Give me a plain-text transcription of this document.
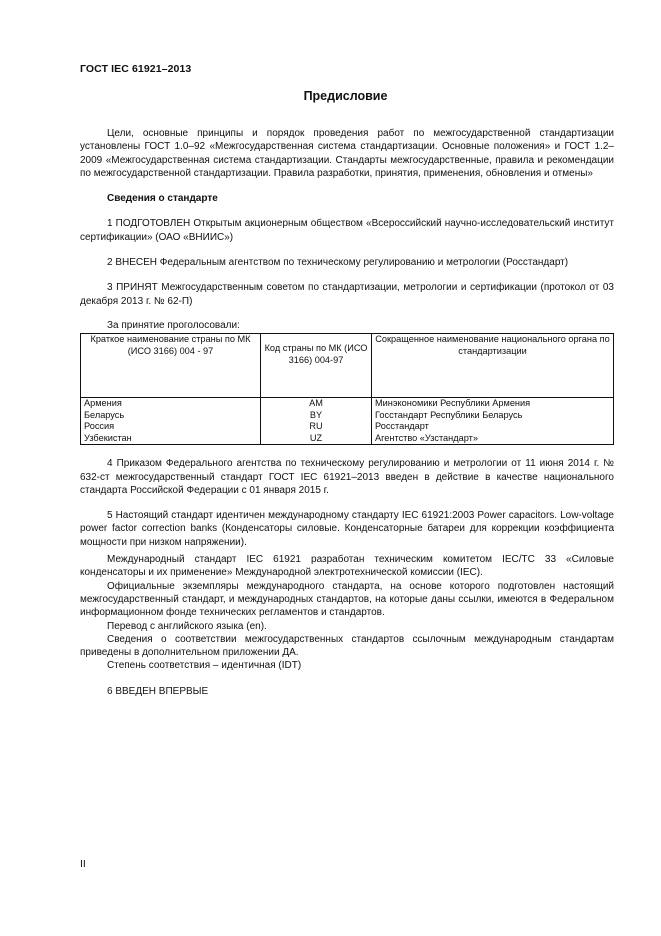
ГОСТ IEC 61921–2013
Предисловие

Цели, основные принципы и порядок проведения работ по межгосударственной стандартизации установлены ГОСТ 1.0–92 «Межгосударственная система стандартизации. Основные положения» и ГОСТ 1.2–2009 «Межгосударственная система стандартизации. Стандарты межгосударственные, правила и рекомендации по межгосударственной стандартизации. Правила разработки, принятия, применения, обновления и отмены»

Сведения о стандарте

1 ПОДГОТОВЛЕН Открытым акционерным обществом «Всероссийский научно-исследовательский институт сертификации» (ОАО «ВНИИС»)

2 ВНЕСЕН Федеральным агентством по техническому регулированию и метрологии (Росстандарт)

3 ПРИНЯТ Межгосударственным советом по стандартизации, метрологии и сертификации (протокол от 03 декабря 2013 г. № 62-П)

За принятие проголосовали:

Краткое наименование страны по МК (ИСО 3166) 004 - 97	Код страны по МК (ИСО 3166) 004-97	Сокращенное наименование национального органа по стандартизации
Армения	AM	Минэкономики Республики Армения
Беларусь	BY	Госстандарт Республики Беларусь
Россия	RU	Росстандарт
Узбекистан	UZ	Агентство «Узстандарт»

4 Приказом Федерального агентства по техническому регулированию и метрологии от 11 июня 2014 г. № 632-ст межгосударственный стандарт ГОСТ IEC 61921–2013 введен в действие в качестве национального стандарта Российской Федерации с 01 января 2015 г.

5 Настоящий стандарт идентичен международному стандарту IEC 61921:2003 Power capacitors. Low-voltage power factor correction banks (Конденсаторы силовые. Конденсаторные батареи для коррекции коэффициента мощности при низком напряжении).

Международный стандарт IEC 61921 разработан техническим комитетом IEC/TC 33 «Силовые конденсаторы и их применение» Международной электротехнической комиссии (IEC).

Официальные экземпляры международного стандарта, на основе которого подготовлен настоящий межгосударственный стандарт, и международных стандартов, на которые даны ссылки, имеются в Федеральном информационном фонде технических регламентов и стандартов.

Перевод с английского языка (en).

Сведения о соответствии межгосударственных стандартов ссылочным международным стандартам приведены в дополнительном приложении ДА.

Степень соответствия – идентичная (IDT)

6 ВВЕДЕН ВПЕРВЫЕ

II
